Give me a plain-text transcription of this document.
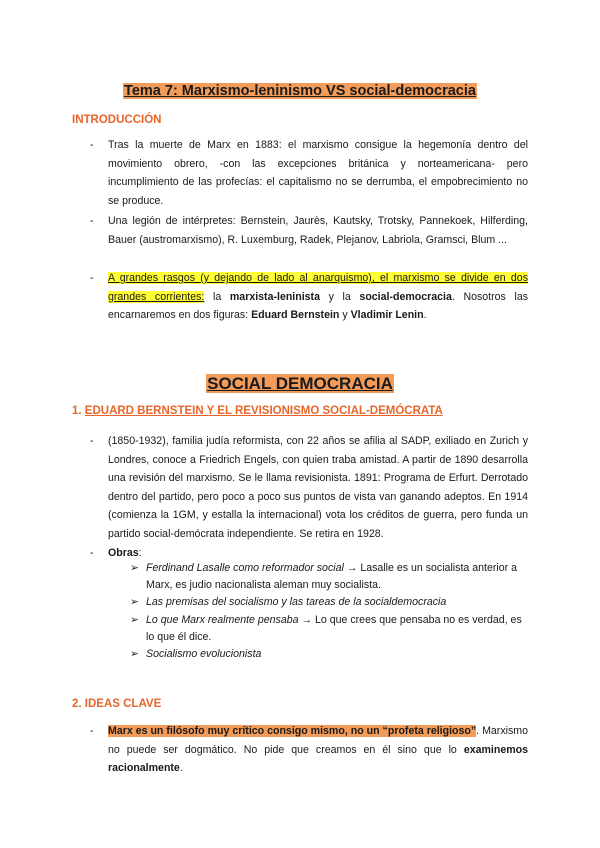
Tema 7: Marxismo-leninismo VS social-democracia
INTRODUCCIÓN
- Tras la muerte de Marx en 1883: el marxismo consigue la hegemonía dentro del movimiento obrero, -con las excepciones británica y norteamericana- pero incumplimiento de las profecías: el capitalismo no se derrumba, el empobrecimiento no se produce.
- Una legión de intérpretes: Bernstein, Jaurès, Kautsky, Trotsky, Pannekoek, Hilferding, Bauer (austromarxismo), R. Luxemburg, Radek, Plejanov, Labriola, Gramsci, Blum ...
- A grandes rasgos (y dejando de lado al anarquismo), el marxismo se divide en dos grandes corrientes: la marxista-leninista y la social-democracia. Nosotros las encarnaremos en dos figuras: Eduard Bernstein y Vladimir Lenin.
SOCIAL DEMOCRACIA
1. EDUARD BERNSTEIN Y EL REVISIONISMO SOCIAL-DEMÓCRATA
- (1850-1932), familia judía reformista, con 22 años se afilia al SADP, exiliado en Zurich y Londres, conoce a Friedrich Engels, con quien traba amistad. A partir de 1890 desarrolla una revisión del marxismo. Se le llama revisionista. 1891: Programa de Erfurt. Derrotado dentro del partido, pero poco a poco sus puntos de vista van ganando adeptos. En 1914 (comienza la 1GM, y estalla la internacional) vota los créditos de guerra, pero funda un partido social-demócrata independiente. Se retira en 1928.
- Obras:
➢ Ferdinand Lasalle como reformador social → Lasalle es un socialista anterior a Marx, es judio nacionalista aleman muy socialista.
➢ Las premisas del socialismo y las tareas de la socialdemocracia
➢ Lo que Marx realmente pensaba → Lo que crees que pensaba no es verdad, es lo que él dice.
➢ Socialismo evolucionista
2. IDEAS CLAVE
- Marx es un filósofo muy crítico consigo mismo, no un “profeta religioso”. Marxismo no puede ser dogmático. No pide que creamos en él sino que lo examinemos racionalmente.
